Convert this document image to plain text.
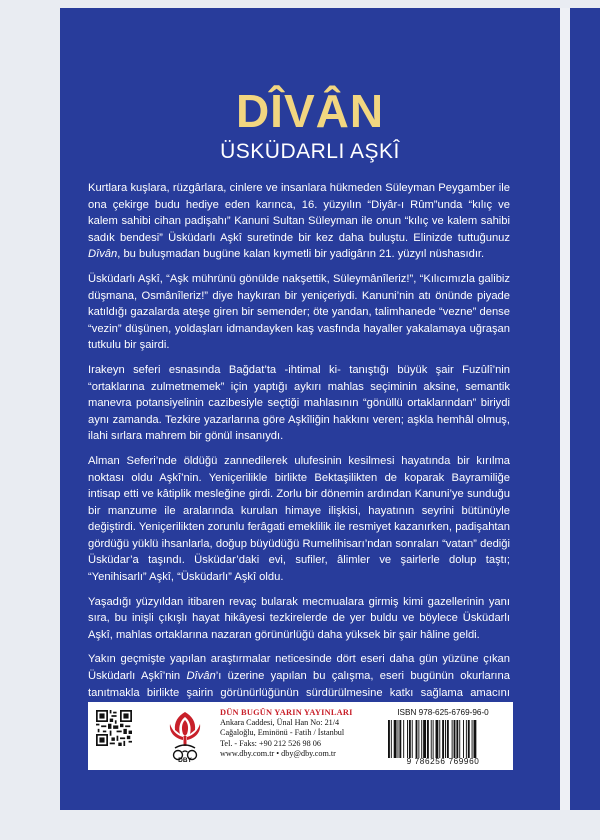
DÎVÂN
ÜSKÜDARLI AŞKÎ

Kurtlara kuşlara, rüzgârlara, cinlere ve insanlara hükmeden Süleyman Peygamber ile ona çekirge budu hediye eden karınca, 16. yüzyılın “Diyâr-ı Rûm”unda “kılıç ve kalem sahibi cihan padişahı” Kanuni Sultan Süleyman ile onun “kılıç ve kalem sahibi sadık bendesi” Üsküdarlı Aşkî suretinde bir kez daha buluştu. Elinizde tuttuğunuz Dîvân, bu buluşmadan bugüne kalan kıymetli bir yadigârın 21. yüzyıl nüshasıdır.

Üsküdarlı Aşkî, “Aşk mührünü gönülde nakşettik, Süleymânîleriz!”, “Kılıcımızla galibiz düşmana, Osmânîleriz!” diye haykıran bir yeniçeriydi. Kanuni’nin atı önünde piyade katıldığı gazalarda ateşe giren bir semender; öte yandan, talimhanede “vezne” dense “vezin” düşünen, yoldaşları idmandayken kaş vasfında hayaller yakalamaya uğraşan tutkulu bir şairdi.

Irakeyn seferi esnasında Bağdat’ta -ihtimal ki- tanıştığı büyük şair Fuzûlî’nin “ortaklarına zulmetmemek” için yaptığı aykırı mahlas seçiminin aksine, semantik manevra potansiyelinin cazibesiyle seçtiği mahlasının “gönüllü ortaklarından” biriydi aynı zamanda. Tezkire yazarlarına göre Aşkîliğin hakkını veren; aşkla hemhâl olmuş, ilahi sırlara mahrem bir gönül insanıydı.

Alman Seferi’nde öldüğü zannedilerek ulufesinin kesilmesi hayatında bir kırılma noktası oldu Aşkî’nin. Yeniçerilikle birlikte Bektaşilikten de koparak Bayramiliğe intisap etti ve kâtiplik mesleğine girdi. Zorlu bir dönemin ardından Kanuni’ye sunduğu bir manzume ile aralarında kurulan himaye ilişkisi, hayatının seyrini bütünüyle değiştirdi. Yeniçerilikten zorunlu ferâgati emeklilik ile resmiyet kazanırken, padişahtan gördüğü yüklü ihsanlarla, doğup büyüdüğü Rumelihisarı’ndan sonraları “vatan” dediği Üsküdar’a taşındı. Üsküdar’daki evi, sufiler, âlimler ve şairlerle dolup taştı; “Yenihisarlı” Aşkî, “Üsküdarlı” Aşkî oldu.

Yaşadığı yüzyıldan itibaren revaç bularak mecmualara girmiş kimi gazellerinin yanı sıra, bu inişli çıkışlı hayat hikâyesi tezkirelerde de yer buldu ve böylece Üsküdarlı Aşkî, mahlas ortaklarına nazaran görünürlüğü daha yüksek bir şair hâline geldi.

Yakın geçmişte yapılan araştırmalar neticesinde dört eseri daha gün yüzüne çıkan Üsküdarlı Aşkî’nin Dîvân’ı üzerine yapılan bu çalışma, eseri bugünün okurlarına tanıtmakla birlikte şairin görünürlüğünün sürdürülmesine katkı sağlama amacını

DBY
DÜN BUGÜN YARIN YAYINLARI
Ankara Caddesi, Ünal Han No: 21/4
Cağaloğlu, Eminönü - Fatih / İstanbul
Tel. - Faks: +90 212 526 98 06
www.dby.com.tr • dby@dby.com.tr
ISBN 978-625-6769-96-0
9 786256 769960
